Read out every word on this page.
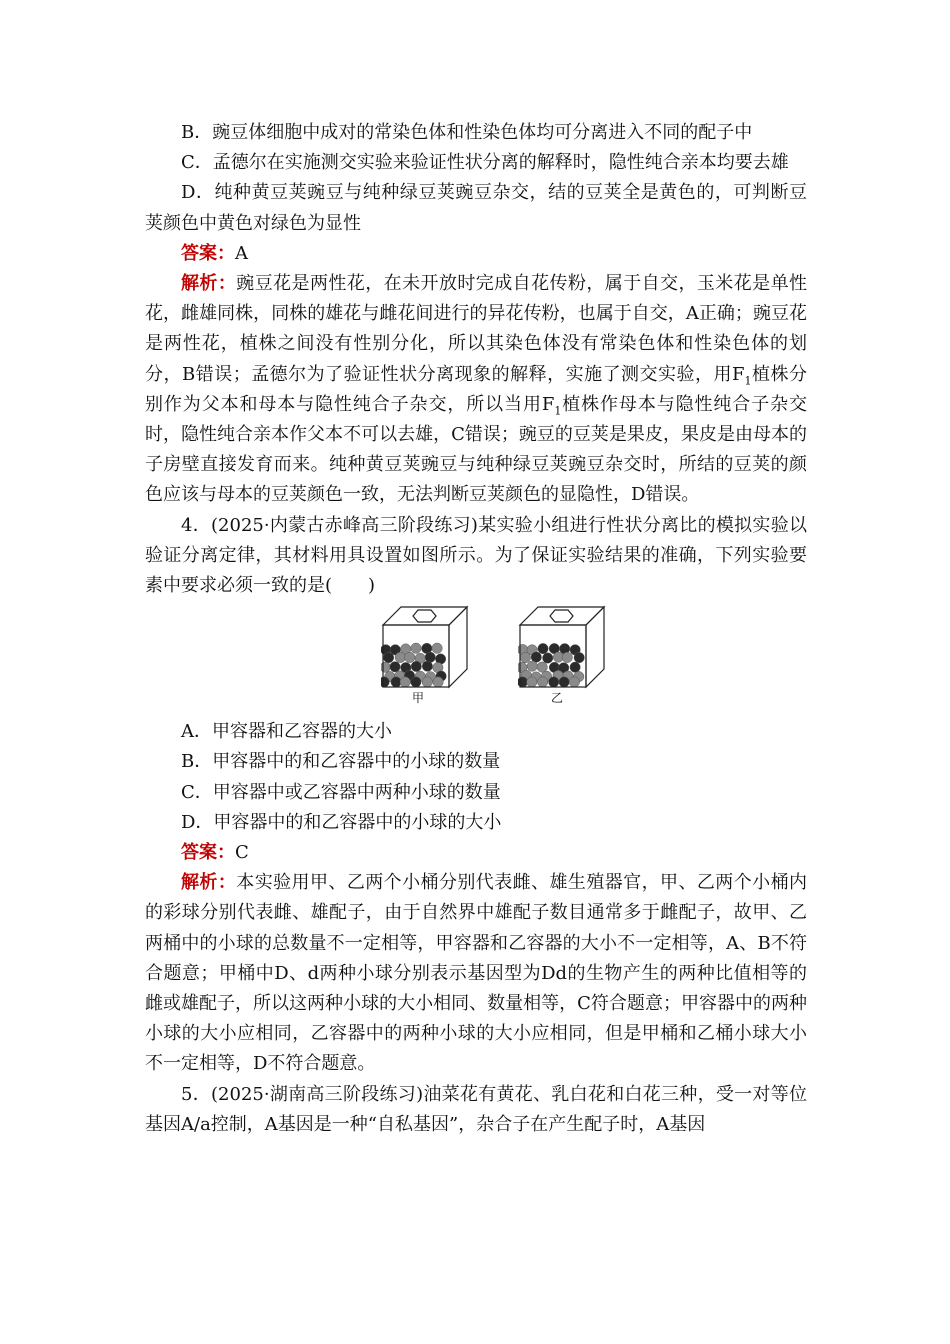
B．豌豆体细胞中成对的常染色体和性染色体均可分离进入不同的配子中

C．孟德尔在实施测交实验来验证性状分离的解释时，隐性纯合亲本均要去雄

D．纯种黄豆荚豌豆与纯种绿豆荚豌豆杂交，结的豆荚全是黄色的，可判断豆荚颜色中黄色对绿色为显性

答案：A

解析：豌豆花是两性花，在未开放时完成自花传粉，属于自交，玉米花是单性花，雌雄同株，同株的雄花与雌花间进行的异花传粉，也属于自交，A正确；豌豆花是两性花，植株之间没有性别分化，所以其染色体没有常染色体和性染色体的划分，B错误；孟德尔为了验证性状分离现象的解释，实施了测交实验，用$F_1$植株分别作为父本和母本与隐性纯合子杂交，所以当用$F_1$植株作母本与隐性纯合子杂交时，隐性纯合亲本作父本不可以去雄，C错误；豌豆的豆荚是果皮，果皮是由母本的子房壁直接发育而来。纯种黄豆荚豌豆与纯种绿豆荚豌豆杂交时，所结的豆荚的颜色应该与母本的豆荚颜色一致，无法判断豆荚颜色的显隐性，D错误。

4．(2025·内蒙古赤峰高三阶段练习)某实验小组进行性状分离比的模拟实验以验证分离定律，其材料用具设置如图所示。为了保证实验结果的准确，下列实验要素中要求必须一致的是(　　)

甲	乙

A．甲容器和乙容器的大小

B．甲容器中的和乙容器中的小球的数量

C．甲容器中或乙容器中两种小球的数量

D．甲容器中的和乙容器中的小球的大小

答案：C

解析：本实验用甲、乙两个小桶分别代表雌、雄生殖器官，甲、乙两个小桶内的彩球分别代表雌、雄配子，由于自然界中雄配子数目通常多于雌配子，故甲、乙两桶中的小球的总数量不一定相等，甲容器和乙容器的大小不一定相等，A、B不符合题意；甲桶中D、d两种小球分别表示基因型为Dd的生物产生的两种比值相等的雌或雄配子，所以这两种小球的大小相同、数量相等，C符合题意；甲容器中的两种小球的大小应相同，乙容器中的两种小球的大小应相同，但是甲桶和乙桶小球大小不一定相等，D不符合题意。

5．(2025·湖南高三阶段练习)油菜花有黄花、乳白花和白花三种，受一对等位基因A/a控制，A基因是一种“自私基因”，杂合子在产生配子时，A基因
